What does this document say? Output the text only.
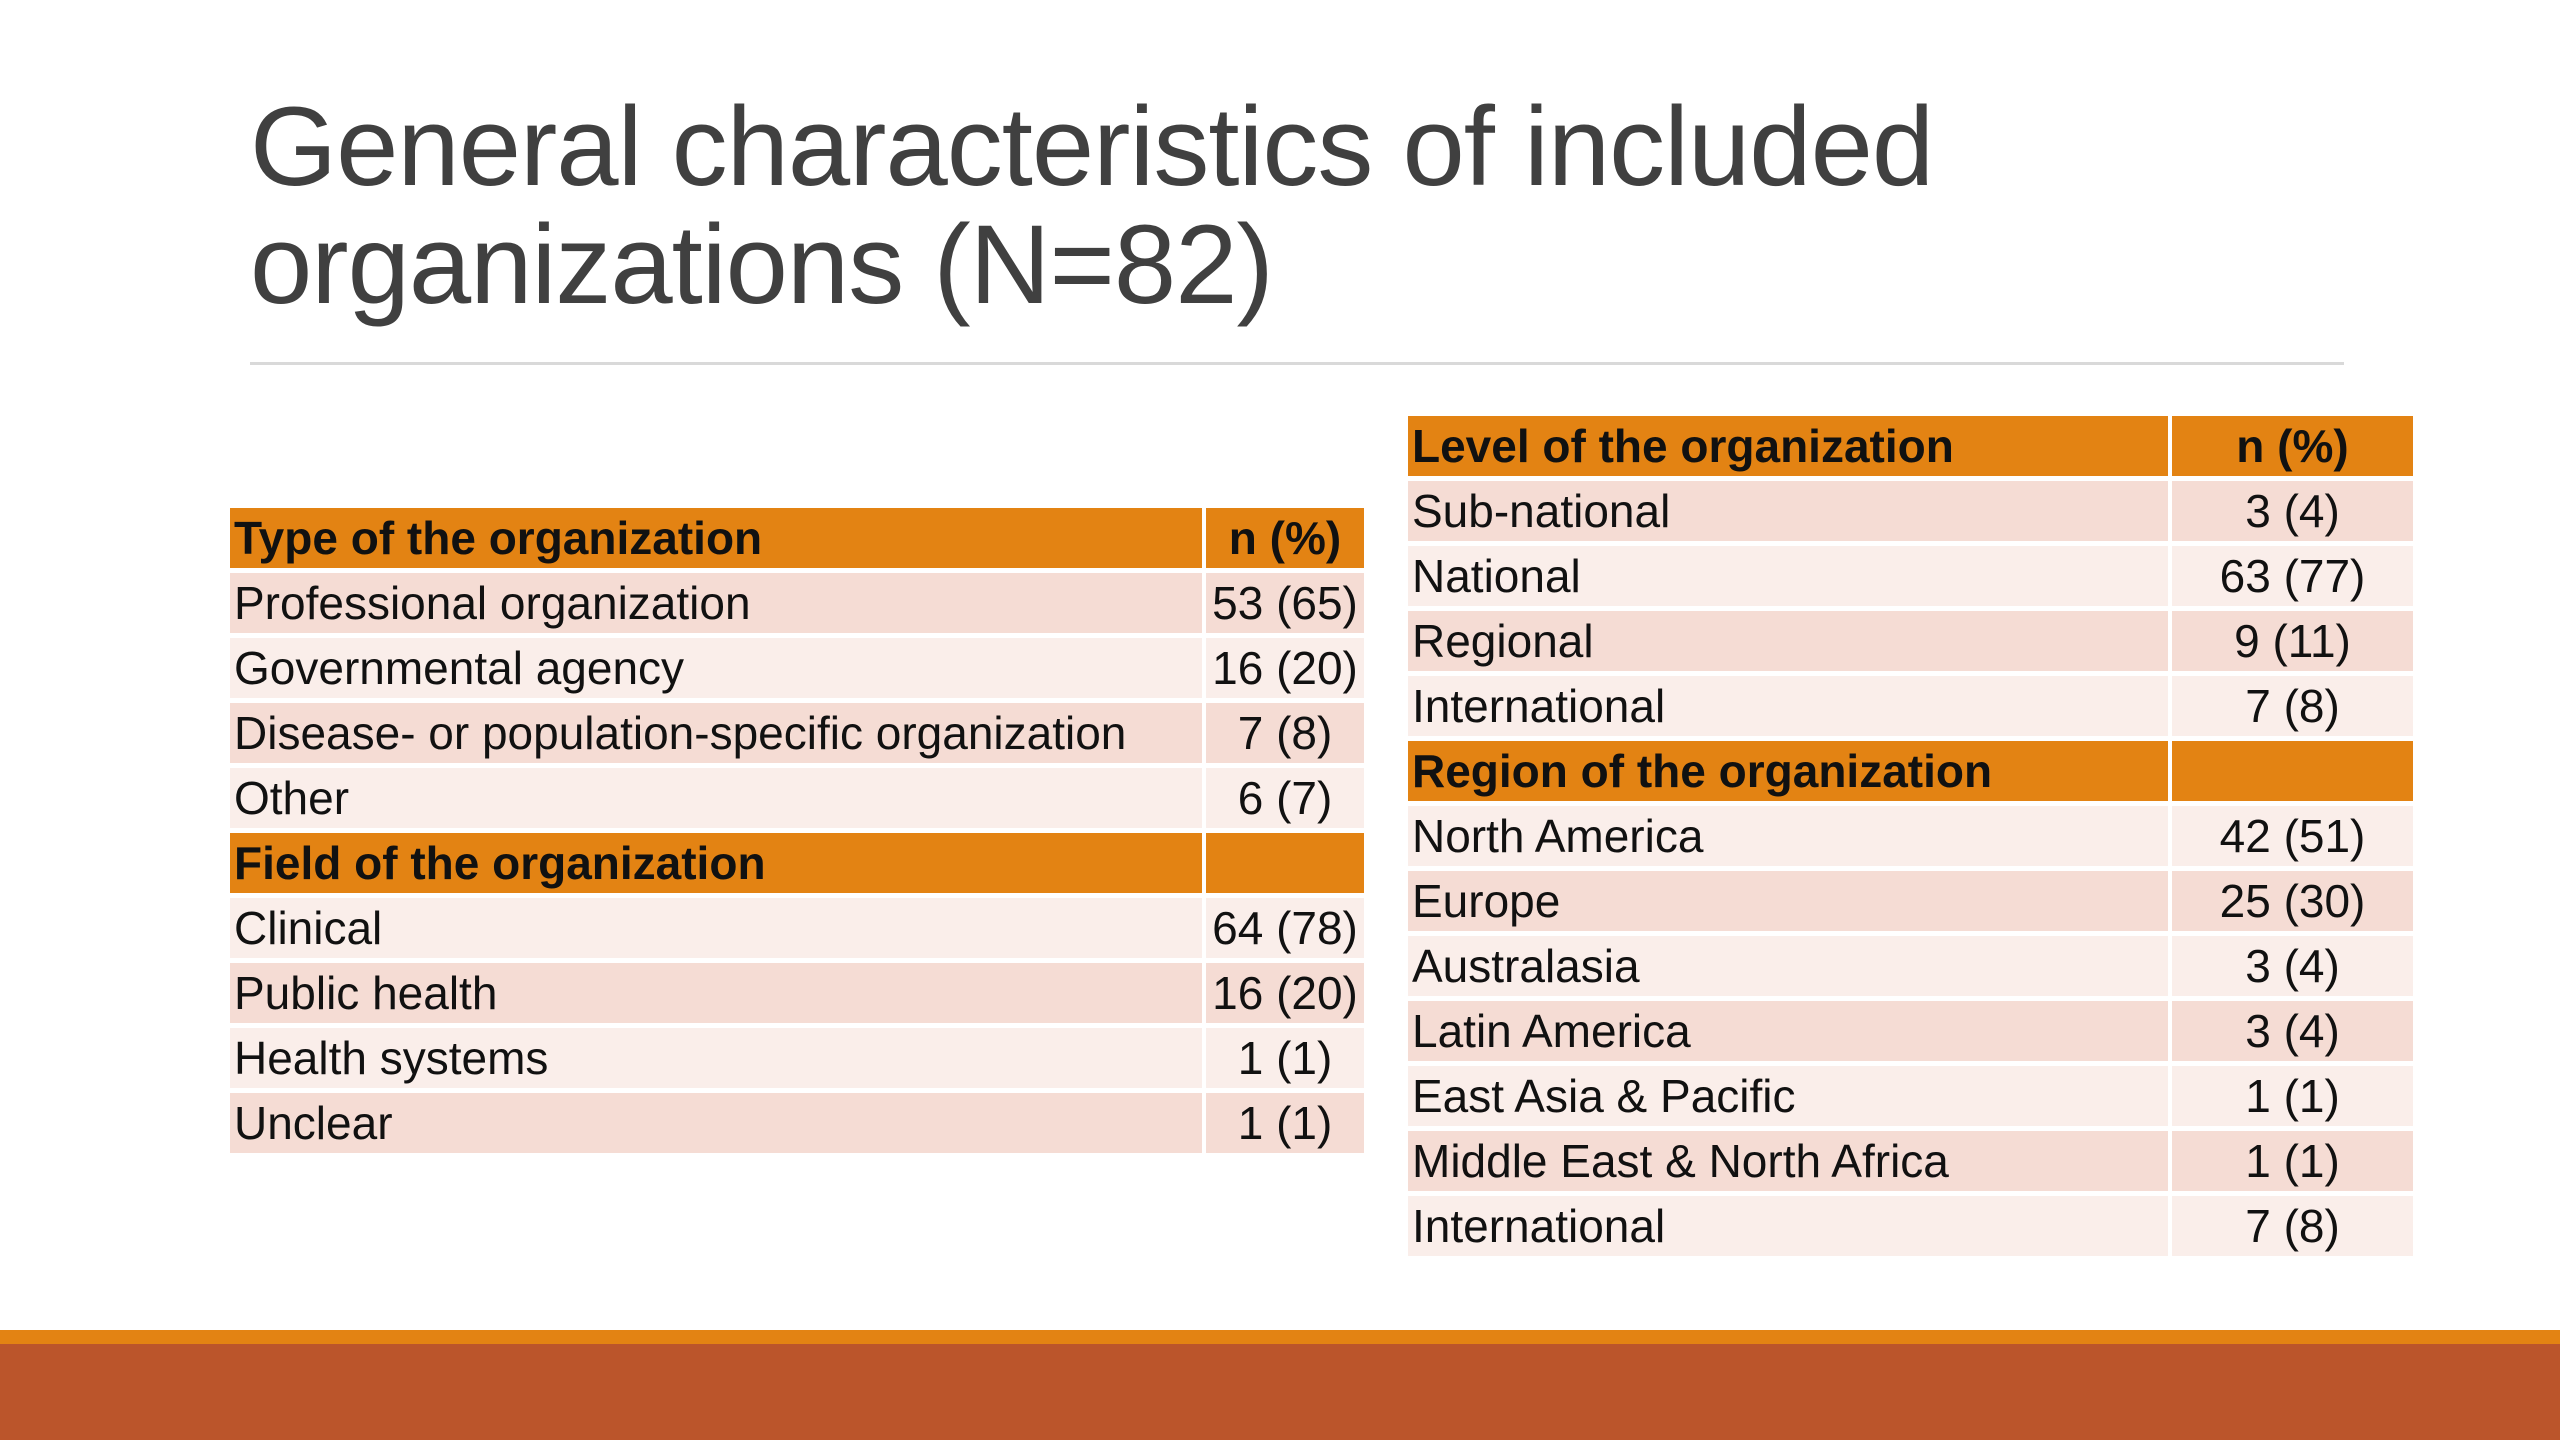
General characteristics of included organizations (N=82)
Type of the organization	n (%)
Professional organization	53 (65)
Governmental agency	16 (20)
Disease- or population-specific organization	7 (8)
Other	6 (7)
Field of the organization	
Clinical	64 (78)
Public health	16 (20)
Health systems	1 (1)
Unclear	1 (1)
Level of the organization	n (%)
Sub-national	3 (4)
National	63 (77)
Regional	9 (11)
International	7 (8)
Region of the organization	
North America	42 (51)
Europe	25 (30)
Australasia	3 (4)
Latin America	3 (4)
East Asia & Pacific	1 (1)
Middle East & North Africa	1 (1)
International	7 (8)
